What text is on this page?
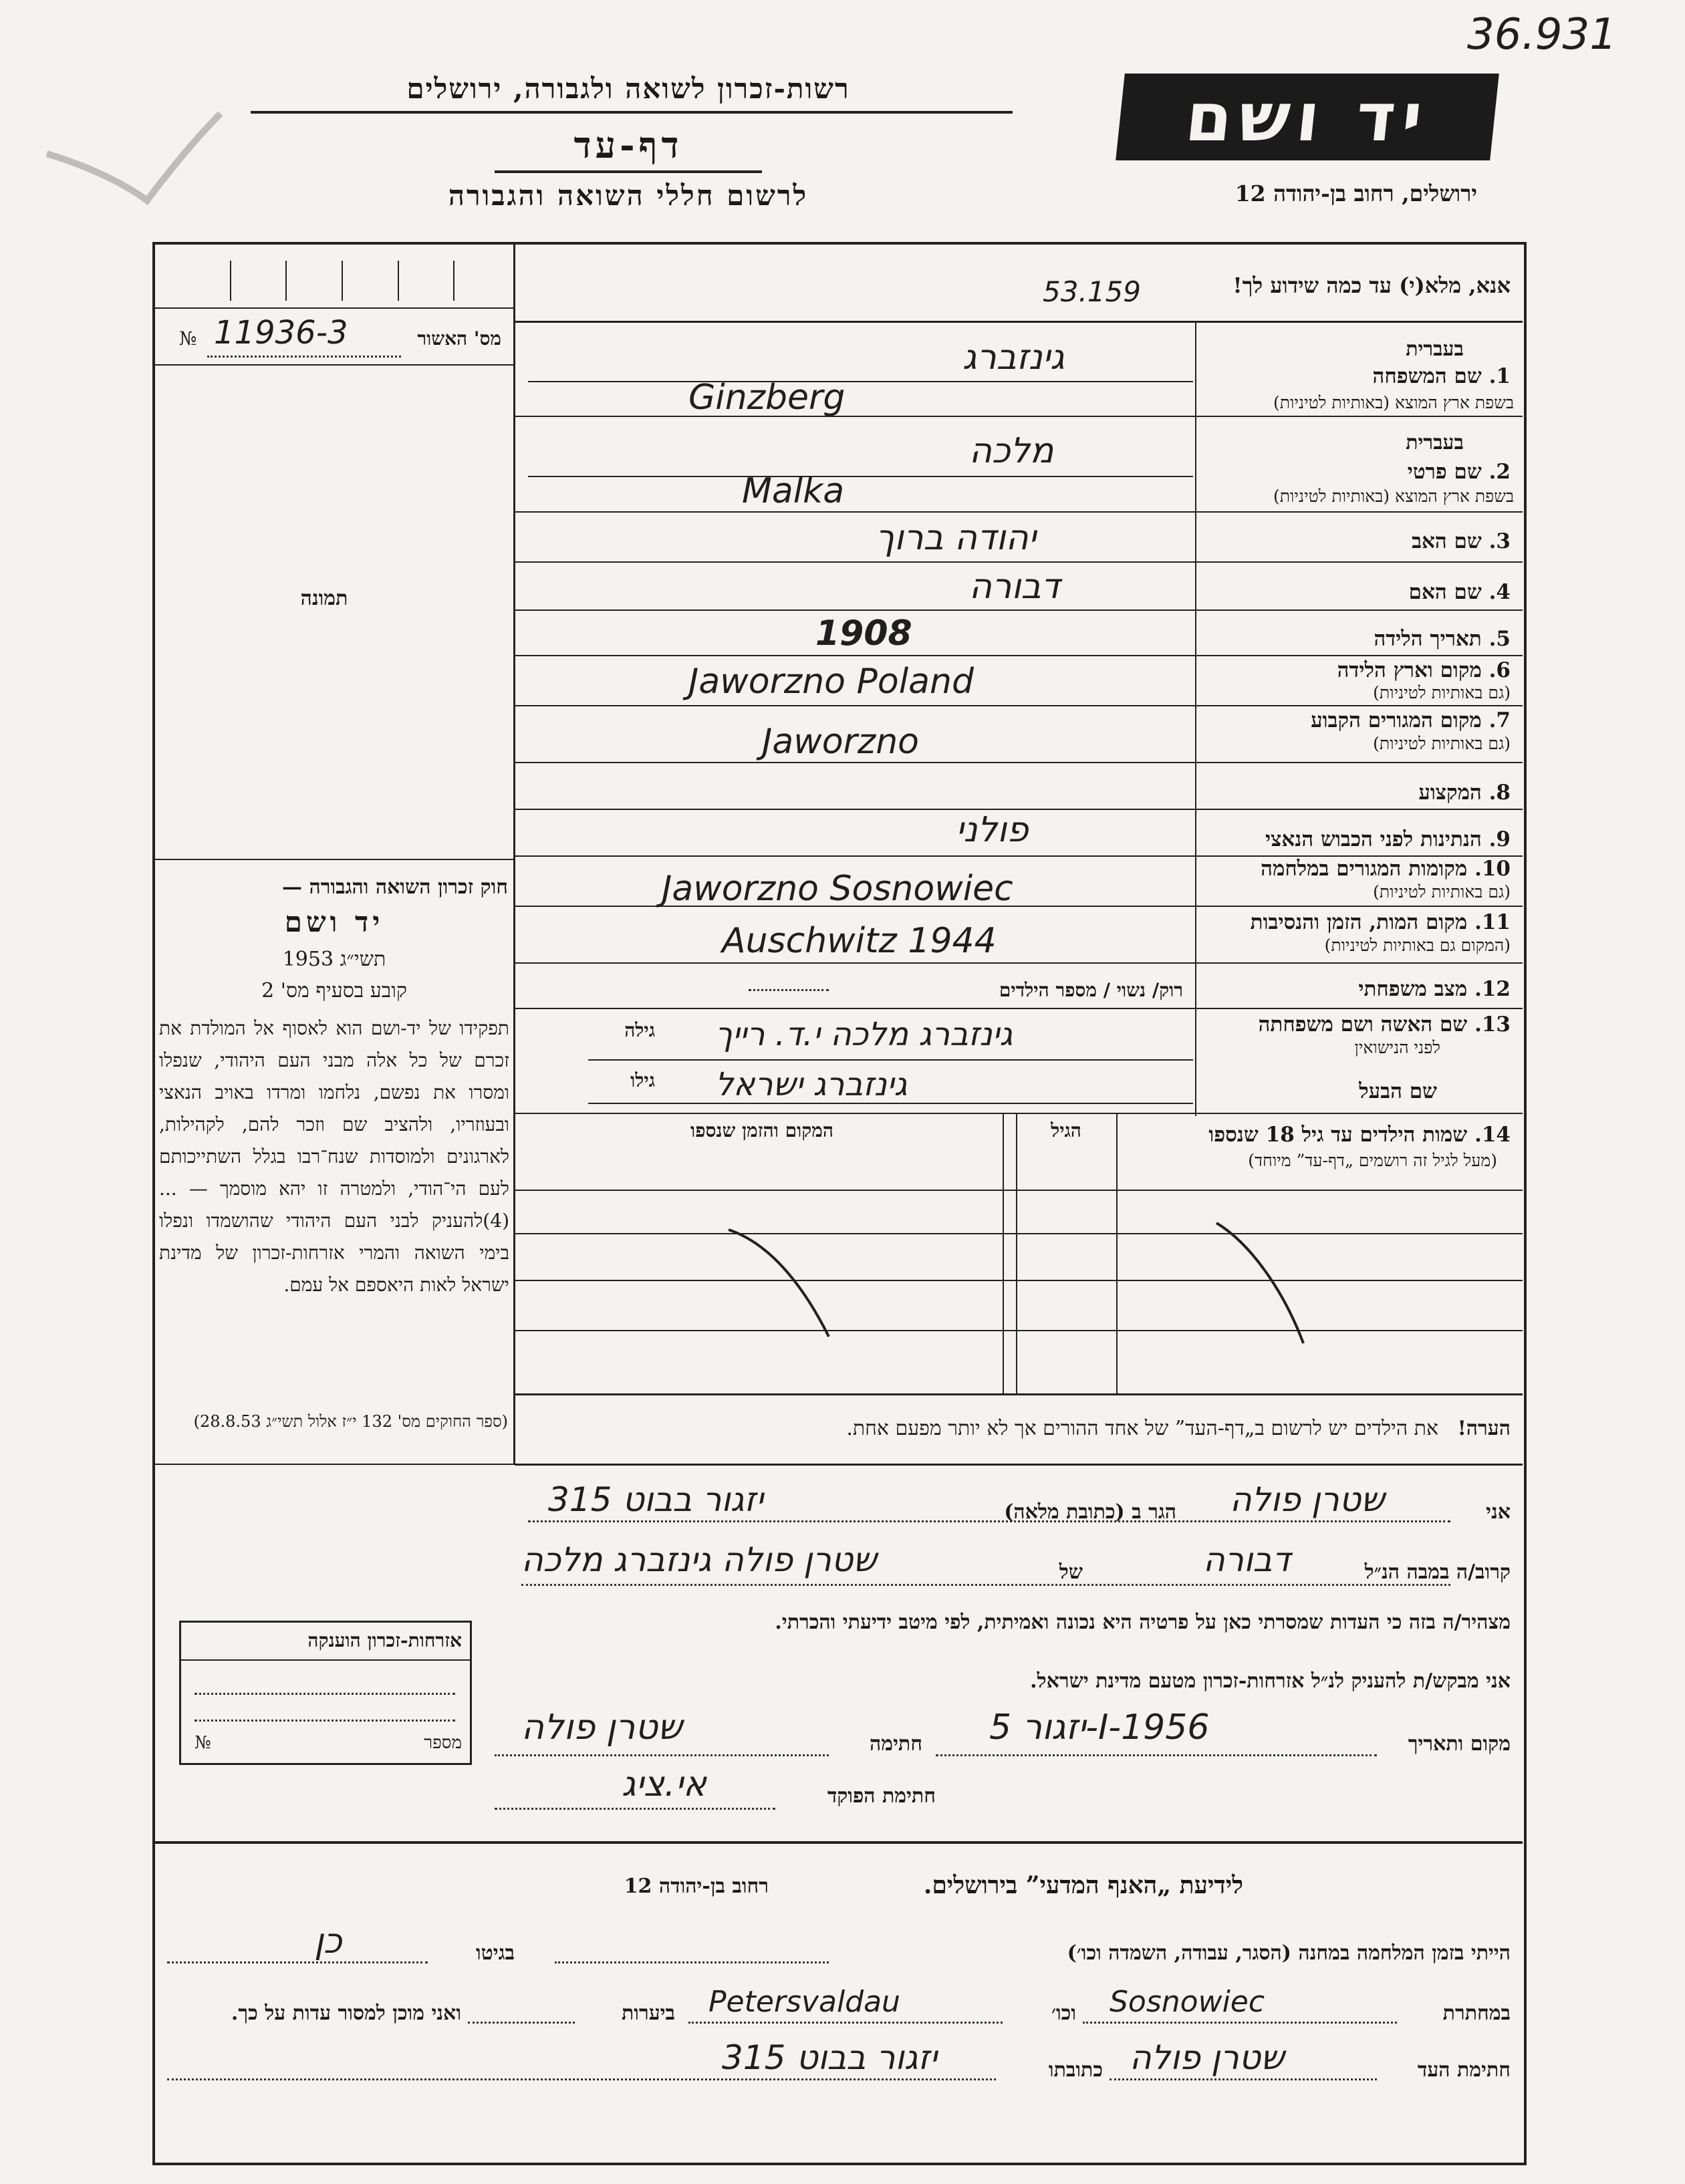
36.931
יד ושם
רשות-זכרון לשואה ולגבורה, ירושלים
דף-עד
לרשום חללי השואה והגבורה	ירושלים, רחוב בן-יהודה 12
אנא, מלא(י) עד כמה שידוע לך!
53.159
מס' האשור
11936-3
№
תמונה
חוק זכרון השואה והגבורה —
יד ושם
תשי״ג 1953
קובע בסעיף מס' 2
תפקידו של יד-ושם הוא לאסוף אל המולדת את זכרם של כל אלה מבני העם היהודי, שנפלו ומסרו את נפשם, נלחמו ומרדו באויב הנאצי ובעוזריו, ולהציב שם וזכר להם, לקהילות, לארגונים ולמוסדות שנח־רבו בגלל השתייכותם לעם הי־הודי, ולמטרה זו יהא מוסמך — ...(4)להעניק לבני העם היהודי שהושמדו ונפלו בימי השואה והמרי אזרחות-זכרון של מדינת ישראל לאות היאספם אל עמם.
(ספר החוקים מס' 132 י״ז אלול תשי״ג 28.8.53)
אזרחות-זכרון הוענקה
מספר
№
בעברית
1. שם המשפחה
בשפת ארץ המוצא (באותיות לטיניות)
גינזברג
Ginzberg
בעברית
2. שם פרטי
בשפת ארץ המוצא (באותיות לטיניות)
מלכה
Malka
3. שם האב
יהודה ברוך
4. שם האם
דבורה
5. תאריך הלידה
1908
6. מקום וארץ הלידה
(גם באותיות לטיניות)
Jaworzno Poland
7. מקום המגורים הקבוע
(גם באותיות לטיניות)
Jaworzno
8. המקצוע
9. הנתינות לפני הכבוש הנאצי
פולני
10. מקומות המגורים במלחמה
(גם באותיות לטיניות)
Jaworzno Sosnowiec
11. מקום המות, הזמן והנסיבות
(המקום גם באותיות לטיניות)
Auschwitz 1944
12. מצב משפחתי
רוק/ נשוי / מספר הילדים
13. שם האשה ושם משפחתה
לפני הנישואין
גילה גינזברג מלכה י.ד. רייך
שם הבעל
גילו גינזברג ישראל
14. שמות הילדים עד גיל 18 שנספו
(מעל לגיל זה רושמים „דף-עד” מיוחד)
הגיל
המקום והזמן שנספו
הערה!   את הילדים יש לרשום ב„דף-העד” של אחד ההורים אך לא יותר מפעם אחת.
אני
שטרן פולה
הגר ב (כתובת מלאה)
יזגור בבוט 315
קרוב/ה במבה הנ״ל
דבורה
של
שטרן פולה גינזברג מלכה
מצהיר/ה בזה כי העדות שמסרתי כאן על פרטיה היא נכונה ואמיתית, לפי מיטב ידיעתי והכרתי.
אני מבקש/ת להעניק לנ״ל אזרחות-זכרון מטעם מדינת ישראל.
מקום ותאריך
יזגור 5-I-1956
חתימה
שטרן פולה
חתימת הפוקד
אי.ציג
לידיעת „האנף המדעי” בירושלים.
רחוב בן-יהודה 12
הייתי בזמן המלחמה במחנה (הסגר, עבודה, השמדה וכו׳)
בגיטו
כן
במחתרת
Sosnowiec
וכו׳
Petersvaldau
ביערות
ואני מוכן למסור עדות על כך.
חתימת העד
שטרן פולה
כתובתו
יזגור בבוט 315
